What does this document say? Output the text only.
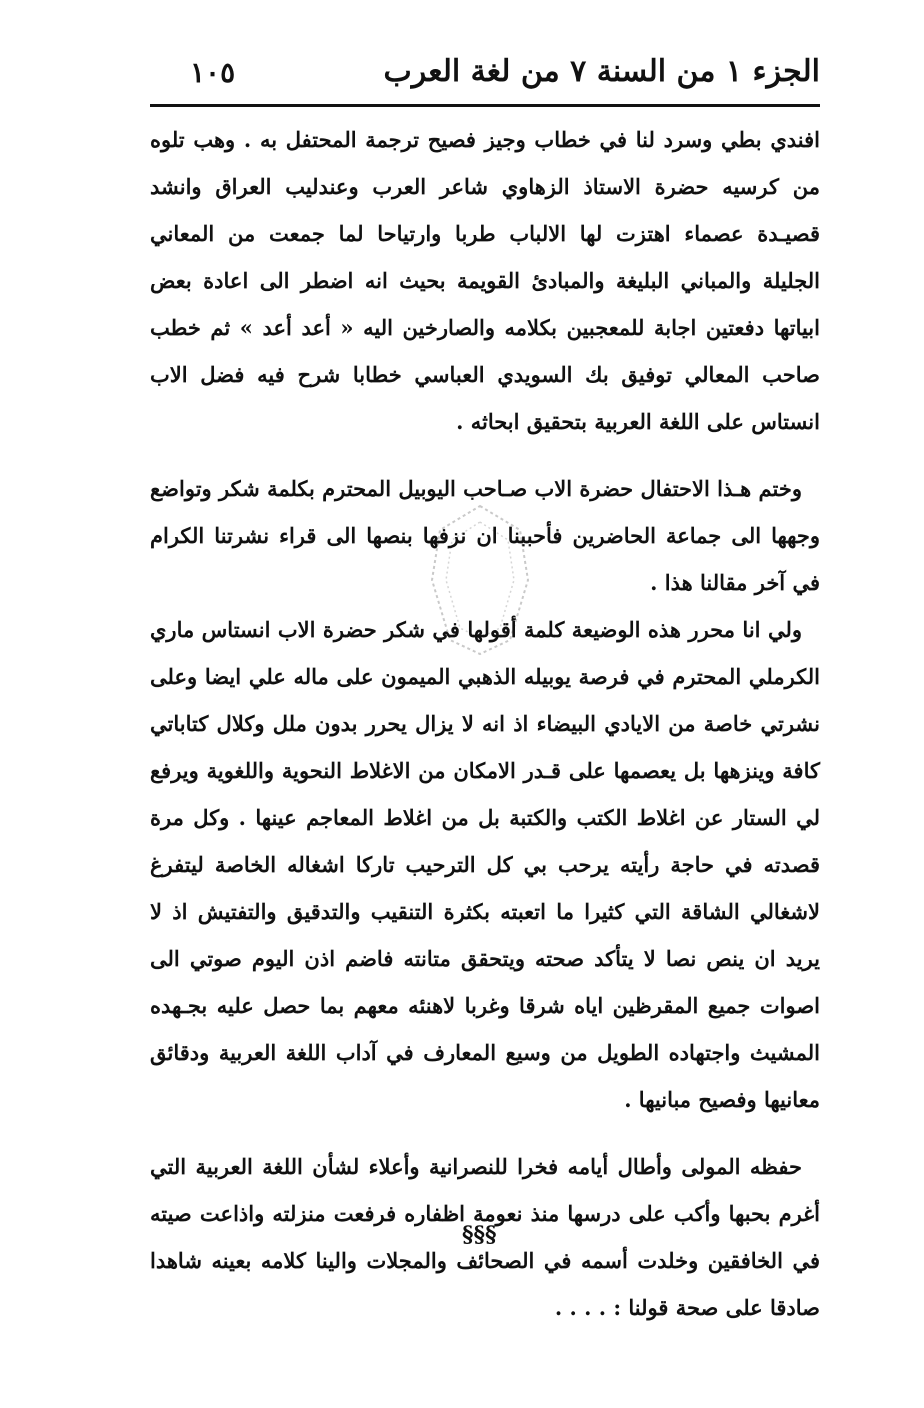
الجزء ١ من السنة ٧ من لغة العرب
١٠٥

افندي بطي وسرد لنا في خطاب وجيز فصيح ترجمة المحتفل به . وهب تلوه من كرسيه حضرة الاستاذ الزهاوي شاعر العرب وعندليب العراق وانشد قصيـدة عصماء اهتزت لها الالباب طربا وارتياحا لما جمعت من المعاني الجليلة والمباني البليغة والمبادئ القويمة بحيث انه اضطر الى اعادة بعض ابياتها دفعتين اجابة للمعجبين بكلامه والصارخين اليه « أعد أعد » ثم خطب صاحب المعالي توفيق بك السويدي العباسي خطابا شرح فيه فضل الاب انستاس على اللغة العربية بتحقيق ابحاثه .

وختم هـذا الاحتفال حضرة الاب صـاحب اليوبيل المحترم بكلمة شكر وتواضع وجهها الى جماعة الحاضرين فأحببنا ان نزفها بنصها الى قراء نشرتنا الكرام في آخر مقالنا هذا .

ولي انا محرر هذه الوضيعة كلمة أقولها في شكر حضرة الاب انستاس ماري الكرملي المحترم في فرصة يوبيله الذهبي الميمون على ماله علي ايضا وعلى نشرتي خاصة من الايادي البيضاء اذ انه لا يزال يحرر بدون ملل وكلال كتاباتي كافة وينزهها بل يعصمها على قـدر الامكان من الاغلاط النحوية واللغوية ويرفع لي الستار عن اغلاط الكتب والكتبة بل من اغلاط المعاجم عينها . وكل مرة قصدته في حاجة رأيته يرحب بي كل الترحيب تاركا اشغاله الخاصة ليتفرغ لاشغالي الشاقة التي كثيرا ما اتعبته بكثرة التنقيب والتدقيق والتفتيش اذ لا يريد ان ينص نصا لا يتأكد صحته ويتحقق متانته فاضم اذن اليوم صوتي الى اصوات جميع المقرظين اياه شرقا وغربا لاهنئه معهم بما حصل عليه بجـهده المشيث واجتهاده الطويل من وسيع المعارف في آداب اللغة العربية ودقائق معانيها وفصيح مبانيها .

حفظه المولى وأطال أيامه فخرا للنصرانية وأعلاء لشأن اللغة العربية التي أغرم بحبها وأكب على درسها منذ نعومة اظفاره فرفعت منزلته واذاعت صيته في الخافقين وخلدت أسمه في الصحائف والمجلات والينا كلامه بعينه شاهدا صادقا على صحة قولنا : . . . .

§§§
